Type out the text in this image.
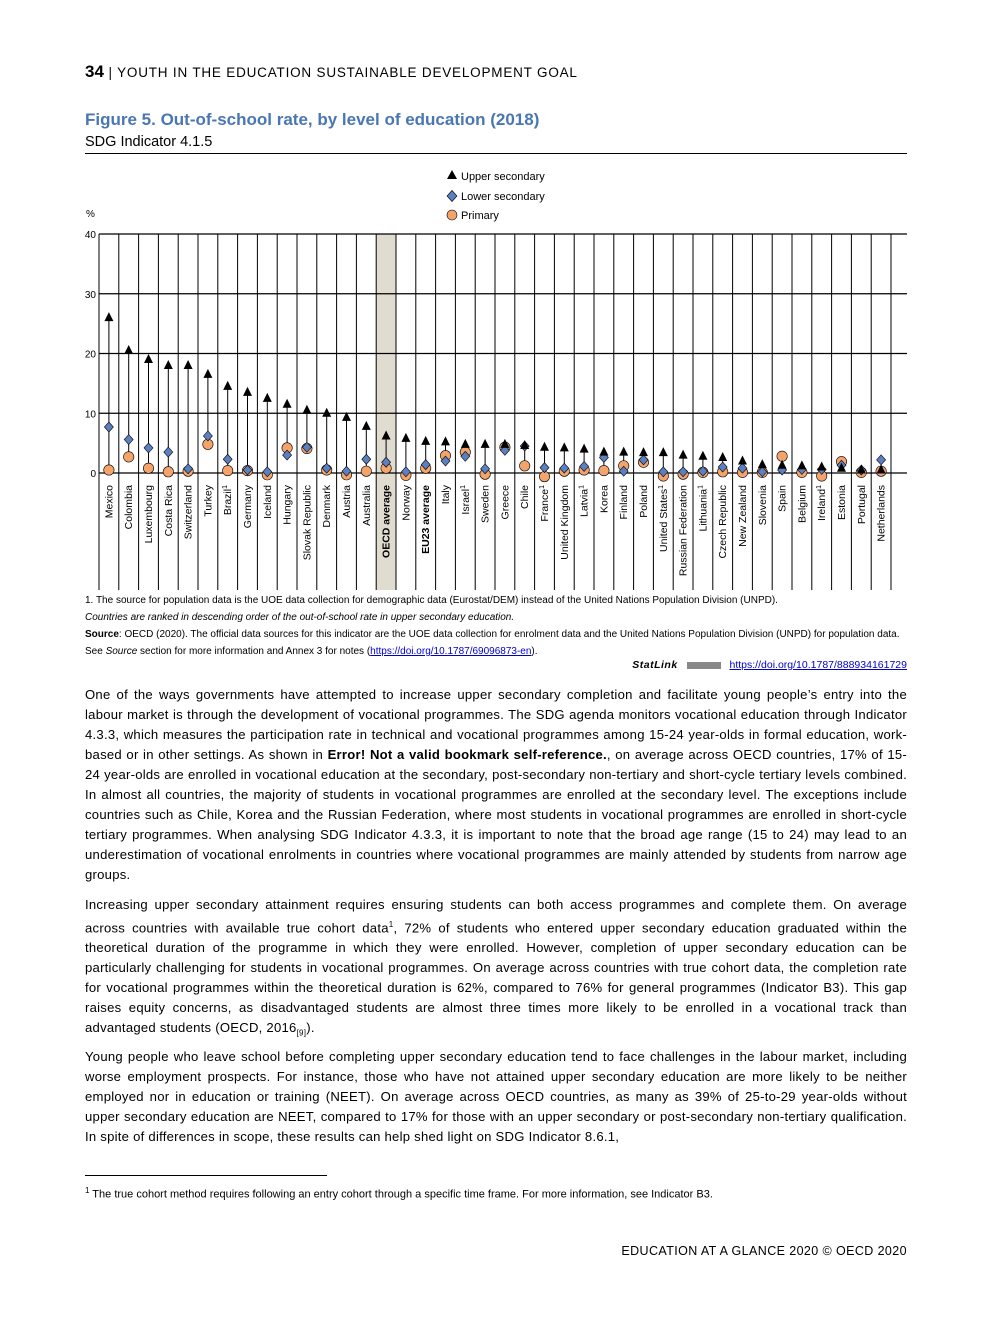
34 | YOUTH IN THE EDUCATION SUSTAINABLE DEVELOPMENT GOAL
Figure 5. Out-of-school rate, by level of education (2018)
SDG Indicator 4.1.5
0
10
20
30
40
%
Mexico Colombia Luxembourg Costa Rica Switzerland Turkey Brazil$^1$	Germany Iceland Hungary Slovak Republic Denmark Austria Australia OECD average Norway EU23 average Italy Israel$^1$	Sweden Greece Chile France$^1$	United Kingdom Latvia$^1$	Korea Finland Poland United States$^1$	Russian Federation Lithuania$^1$	Czech Republic New Zealand Slovenia Spain Belgium Ireland$^1$	Estonia Portugal Netherlands
Upper secondary
Lower secondary
Primary
1. The source for population data is the UOE data collection for demographic data (Eurostat/DEM) instead of the United Nations Population Division (UNPD).
Countries are ranked in descending order of the out-of-school rate in upper secondary education.
Source: OECD (2020). The official data sources for this indicator are the UOE data collection for enrolment data and the United Nations Population Division (UNPD) for population data. See Source section for more information and Annex 3 for notes (https://doi.org/10.1787/69096873-en).
StatLink	https://doi.org/10.1787/888934161729
One of the ways governments have attempted to increase upper secondary completion and facilitate young people’s entry into the labour market is through the development of vocational programmes. The SDG agenda monitors vocational education through Indicator 4.3.3, which measures the participation rate in technical and vocational programmes among 15-24 year-olds in formal education, work-based or in other settings. As shown in Error! Not a valid bookmark self-reference., on average across OECD countries, 17% of 15-24 year-olds are enrolled in vocational education at the secondary, post-secondary non-tertiary and short-cycle tertiary levels combined. In almost all countries, the majority of students in vocational programmes are enrolled at the secondary level. The exceptions include countries such as Chile, Korea and the Russian Federation, where most students in vocational programmes are enrolled in short-cycle tertiary programmes. When analysing SDG Indicator 4.3.3, it is important to note that the broad age range (15 to 24) may lead to an underestimation of vocational enrolments in countries where vocational programmes are mainly attended by students from narrow age groups.
Increasing upper secondary attainment requires ensuring students can both access programmes and complete them. On average across countries with available true cohort data$^1$, 72% of students who entered upper secondary education graduated within the theoretical duration of the programme in which they were enrolled. However, completion of upper secondary education can be particularly challenging for students in vocational programmes. On average across countries with true cohort data, the completion rate for vocational programmes within the theoretical duration is 62%, compared to 76% for general programmes (Indicator B3). This gap raises equity concerns, as disadvantaged students are almost three times more likely to be enrolled in a vocational track than advantaged students (OECD, $2016_{[9]}$).
Young people who leave school before completing upper secondary education tend to face challenges in the labour market, including worse employment prospects. For instance, those who have not attained upper secondary education are more likely to be neither employed nor in education or training (NEET). On average across OECD countries, as many as 39% of 25-to-29 year-olds without upper secondary education are NEET, compared to 17% for those with an upper secondary or post-secondary non-tertiary qualification. In spite of differences in scope, these results can help shed light on SDG Indicator 8.6.1,
$^1$ The true cohort method requires following an entry cohort through a specific time frame. For more information, see Indicator B3.
EDUCATION AT A GLANCE 2020 © OECD 2020
